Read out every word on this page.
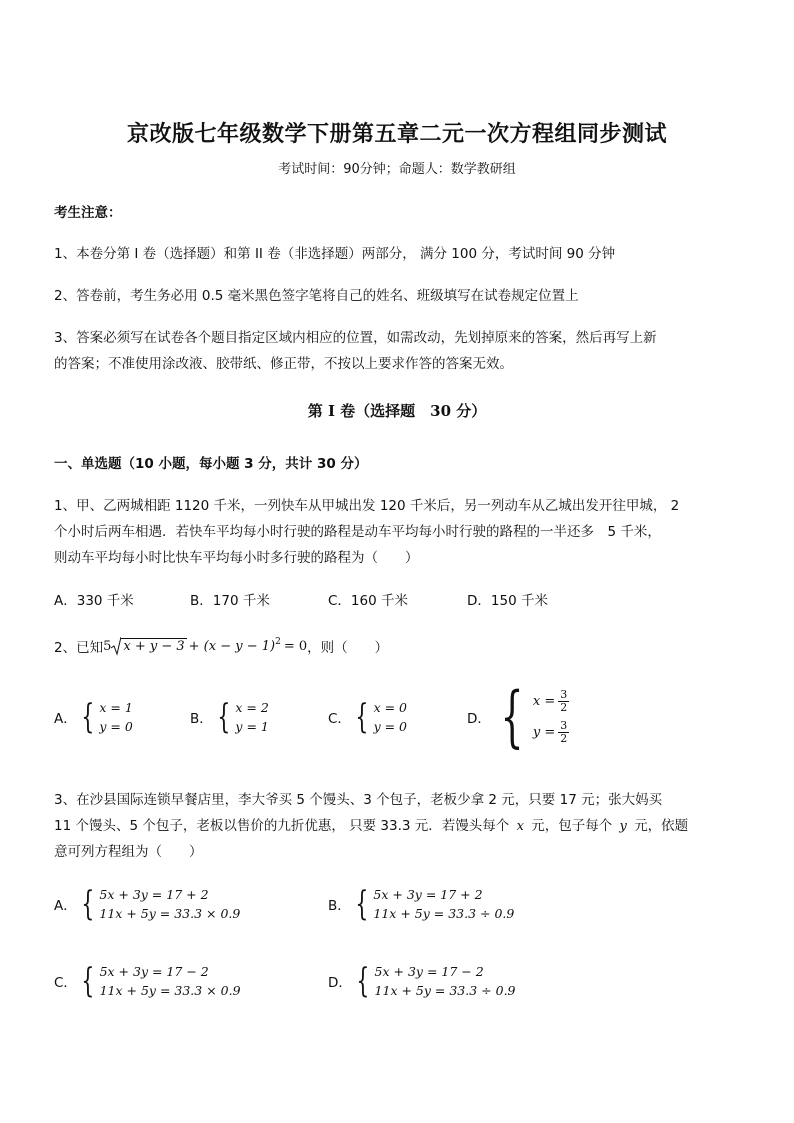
京改版七年级数学下册第五章二元一次方程组同步测试
考试时间：90分钟；命题人：数学教研组
考生注意：
1、本卷分第 I 卷（选择题）和第 II 卷（非选择题）两部分， 满分 100 分，考试时间 90 分钟
2、答卷前，考生务必用 0.5 毫米黑色签字笔将自己的姓名、班级填写在试卷规定位置上
3、答案必须写在试卷各个题目指定区域内相应的位置，如需改动，先划掉原来的答案，然后再写上新
的答案；不准使用涂改液、胶带纸、修正带，不按以上要求作答的答案无效。
第 I 卷（选择题　30 分）
一、单选题（10 小题，每小题 3 分，共计 30 分）
1、甲、乙两城相距 1120 千米，一列快车从甲城出发 120 千米后，另一列动车从乙城出发开往甲城， 2
个小时后两车相遇．若快车平均每小时行驶的路程是动车平均每小时行驶的路程的一半还多　5 千米，
则动车平均每小时比快车平均每小时多行驶的路程为（　　）
A．330 千米	B．170 千米	C．160 千米	D．150 千米
2、已知 5 $x + y - 3 + (x - y - 1)^2 = 0$ ，则（　　）
A． { x = 1
y = 0	B． { x = 2
y = 1	C． { x = 0
y = 0	D． { $x = \frac{3}{2}$
$y = \frac{3}{2}$
3、在沙县国际连锁早餐店里，李大爷买 5 个馒头、3 个包子，老板少拿 2 元，只要 17 元；张大妈买
11 个馒头、5 个包子，老板以售价的九折优惠， 只要 33.3 元．若馒头每个 x 元，包子每个 y 元，依题
意可列方程组为（　　）
A． { 5x + 3y = 17 + 2
11x + 5y = 33.3 × 0.9	B． { 5x + 3y = 17 + 2
11x + 5y = 33.3 ÷ 0.9
C． { 5x + 3y = 17 − 2
11x + 5y = 33.3 × 0.9	D． { 5x + 3y = 17 − 2
11x + 5y = 33.3 ÷ 0.9
